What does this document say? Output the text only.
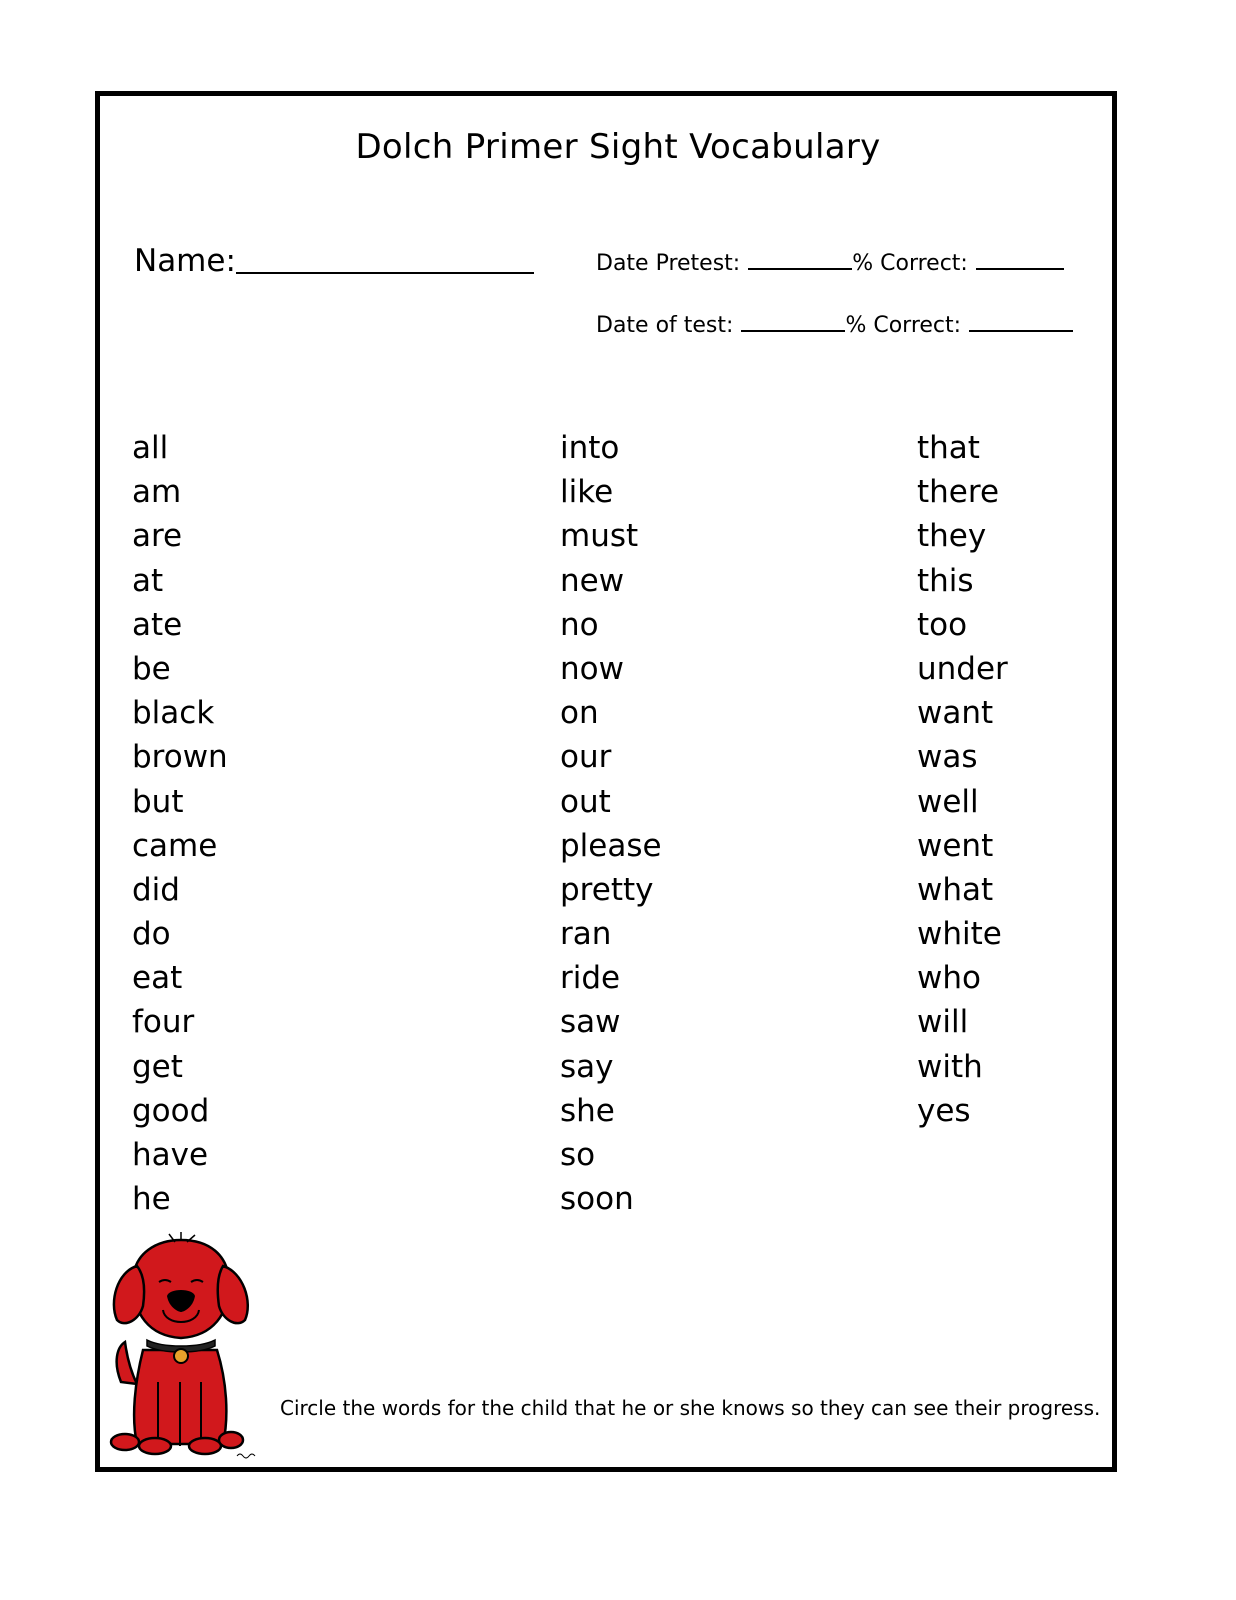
Dolch Primer Sight Vocabulary
Name:	Date Pretest:	% Correct:
Date of test:	% Correct:
all
am
are
at
ate
be
black
brown
but
came
did
do
eat
four
get
good
have
he
into
like
must
new
no
now
on
our
out
please
pretty
ran
ride
saw
say
she
so
soon
that
there
they
this
too
under
want
was
well
went
what
white
who
will
with
yes
Circle the words for the child that he or she knows so they can see their progress.
